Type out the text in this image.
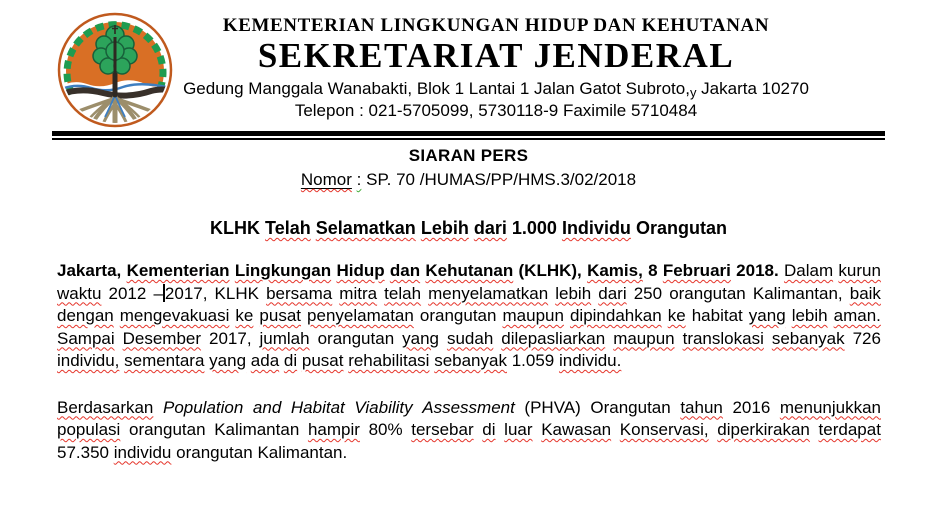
KEMENTERIAN LINGKUNGAN HIDUP DAN KEHUTANAN
SEKRETARIAT JENDERAL
Gedung Manggala Wanabakti, Blok 1 Lantai 1 Jalan Gatot Subroto,y Jakarta 10270
Telepon : 021-5705099, 5730118-9 Faximile 5710484
SIARAN PERS
Nomor : SP. 70 /HUMAS/PP/HMS.3/02/2018
KLHK Telah Selamatkan Lebih dari 1.000 Individu Orangutan

Jakarta, Kementerian Lingkungan Hidup dan Kehutanan (KLHK), Kamis, 8 Februari 2018. Dalam kurun waktu 2012 – 2017, KLHK bersama mitra telah menyelamatkan lebih dari 250 orangutan Kalimantan, baik dengan mengevakuasi ke pusat penyelamatan orangutan maupun dipindahkan ke habitat yang lebih aman. Sampai Desember 2017, jumlah orangutan yang sudah dilepasliarkan maupun translokasi sebanyak 726 individu, sementara yang ada di pusat rehabilitasi sebanyak 1.059 individu.

Berdasarkan Population and Habitat Viability Assessment (PHVA) Orangutan tahun 2016 menunjukkan populasi orangutan Kalimantan hampir 80% tersebar di luar Kawasan Konservasi, diperkirakan terdapat 57.350 individu orangutan Kalimantan.
